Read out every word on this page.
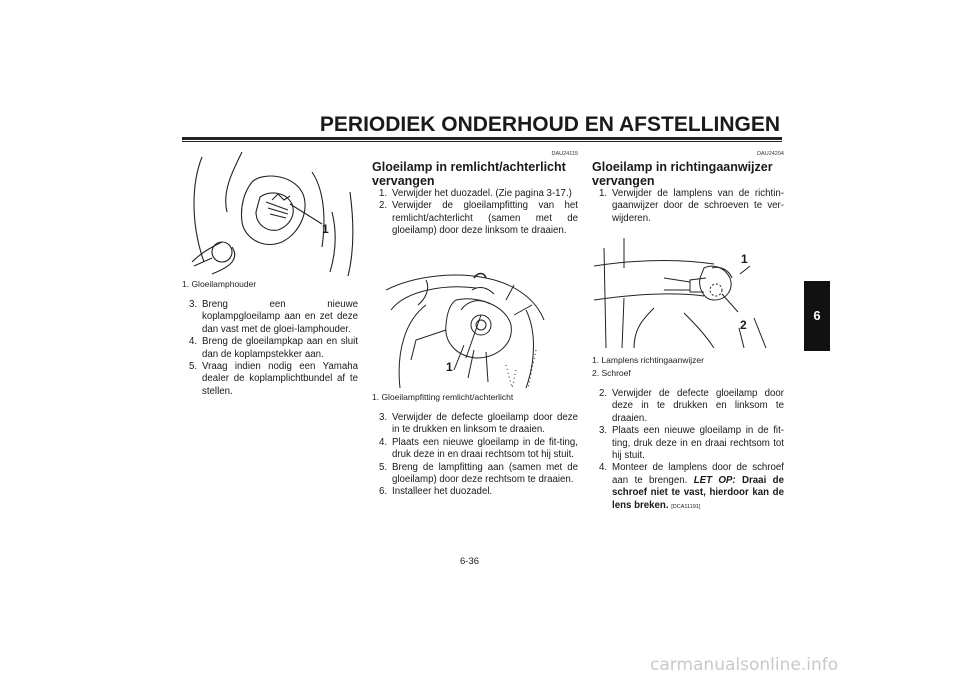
PERIODIEK ONDERHOUD EN AFSTELLINGEN
6
1
1. Gloeilamphouder
3. Breng een nieuwe koplampgloeilamp aan en zet deze dan vast met de gloei-lamphouder.
4. Breng de gloeilampkap aan en sluit dan de koplampstekker aan.
5. Vraag indien nodig een Yamaha dealer de koplamplichtbundel af te stellen.
DAU24115
Gloeilamp in remlicht/achterlicht vervangen
1. Verwijder het duozadel. (Zie pagina 3-17.)
2. Verwijder de gloeilampfitting van het remlicht/achterlicht (samen met de gloeilamp) door deze linksom te draaien.
1
1. Gloeilampfitting remlicht/achterlicht
3. Verwijder de defecte gloeilamp door deze in te drukken en linksom te draaien.
4. Plaats een nieuwe gloeilamp in de fit-ting, druk deze in en draai rechtsom tot hij stuit.
5. Breng de lampfitting aan (samen met de gloeilamp) door deze rechtsom te draaien.
6. Installeer het duozadel.
DAU24204
Gloeilamp in richtingaanwijzer vervangen
1. Verwijder de lamplens van de richtin-gaanwijzer door de schroeven te ver-wijderen.
1
2
1. Lamplens richtingaanwijzer
2. Schroef
2. Verwijder de defecte gloeilamp door deze in te drukken en linksom te draaien.
3. Plaats een nieuwe gloeilamp in de fit-ting, druk deze in en draai rechtsom tot hij stuit.
4. Monteer de lamplens door de schroef aan te brengen. LET OP: Draai de schroef niet te vast, hierdoor kan de lens breken. [DCA11191]
6-36
carmanualsonline.info
